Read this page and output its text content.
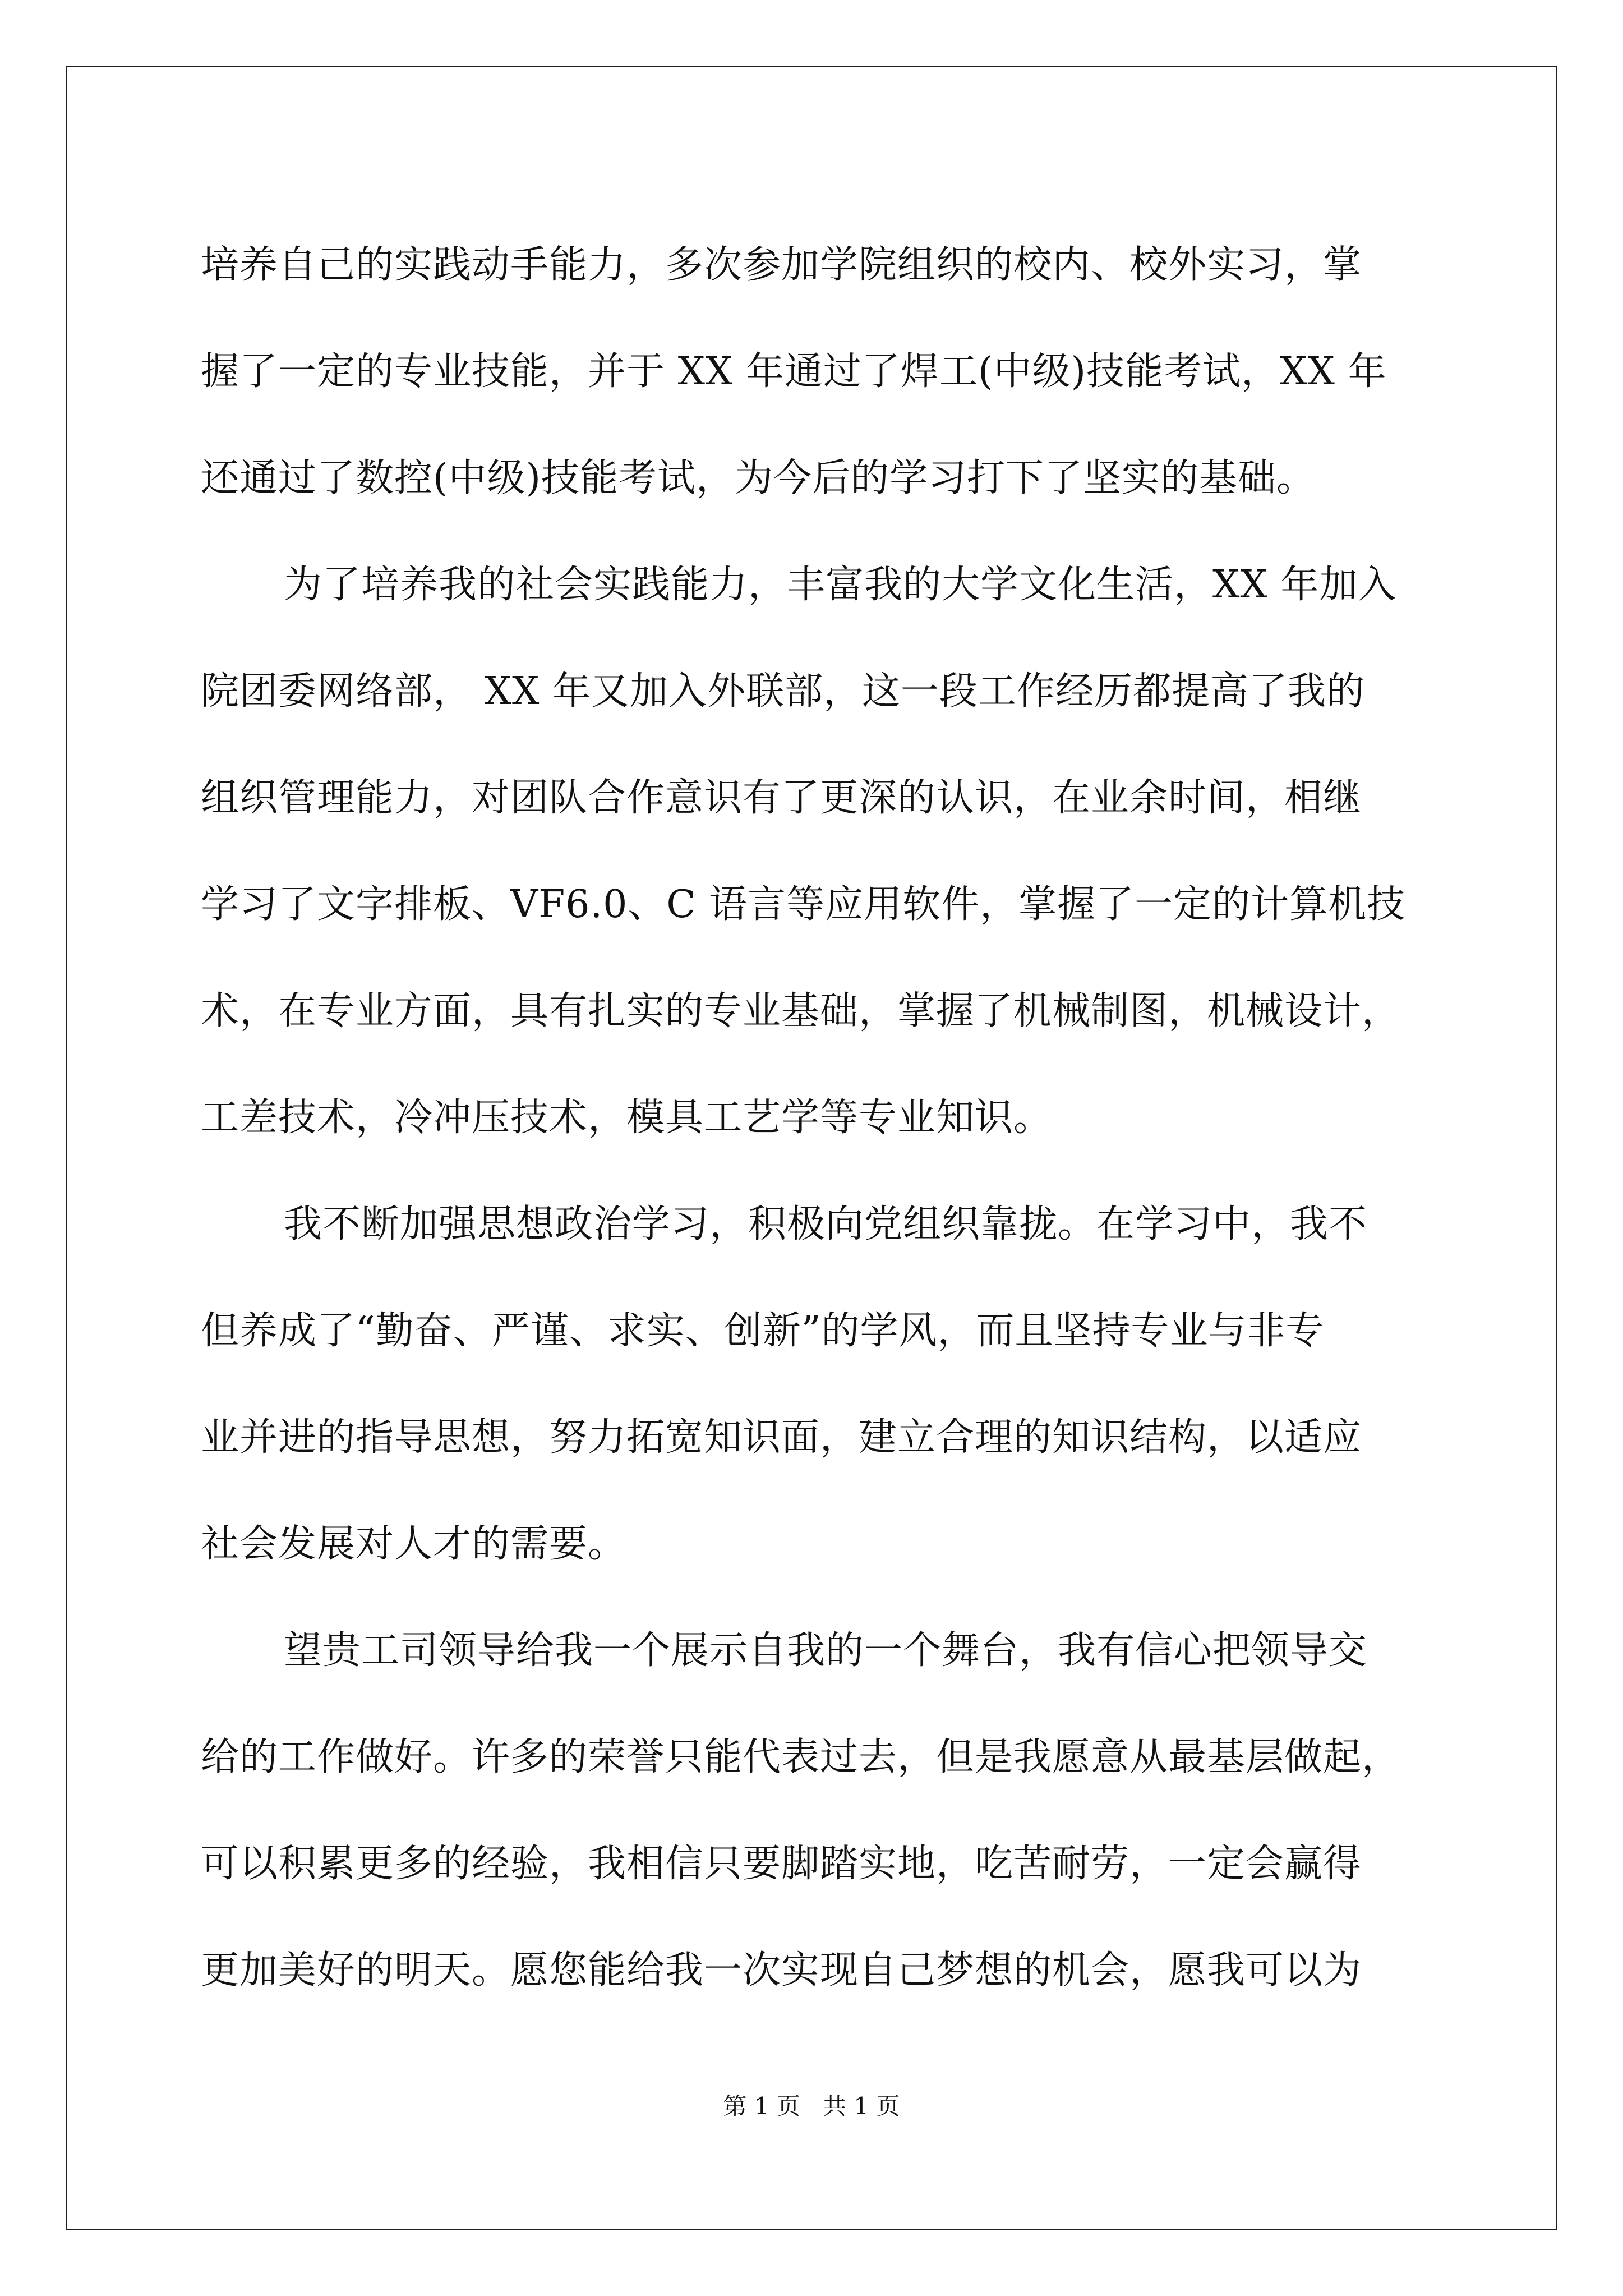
培养自己的实践动手能力，多次参加学院组织的校内、校外实习，掌
握了一定的专业技能，并于 XX 年通过了焊工(中级)技能考试，XX 年
还通过了数控(中级)技能考试，为今后的学习打下了坚实的基础。
为了培养我的社会实践能力，丰富我的大学文化生活，XX 年加入
院团委网络部， XX 年又加入外联部，这一段工作经历都提高了我的
组织管理能力，对团队合作意识有了更深的认识，在业余时间，相继
学习了文字排板、VF6.0、C 语言等应用软件，掌握了一定的计算机技
术，在专业方面，具有扎实的专业基础，掌握了机械制图，机械设计，
工差技术，冷冲压技术，模具工艺学等专业知识。
我不断加强思想政治学习，积极向党组织靠拢。在学习中，我不
但养成了“勤奋、严谨、求实、创新”的学风，而且坚持专业与非专
业并进的指导思想，努力拓宽知识面，建立合理的知识结构，以适应
社会发展对人才的需要。
望贵工司领导给我一个展示自我的一个舞台，我有信心把领导交
给的工作做好。许多的荣誉只能代表过去，但是我愿意从最基层做起，
可以积累更多的经验，我相信只要脚踏实地，吃苦耐劳，一定会赢得
更加美好的明天。愿您能给我一次实现自己梦想的机会，愿我可以为
第 1 页 共 1 页
